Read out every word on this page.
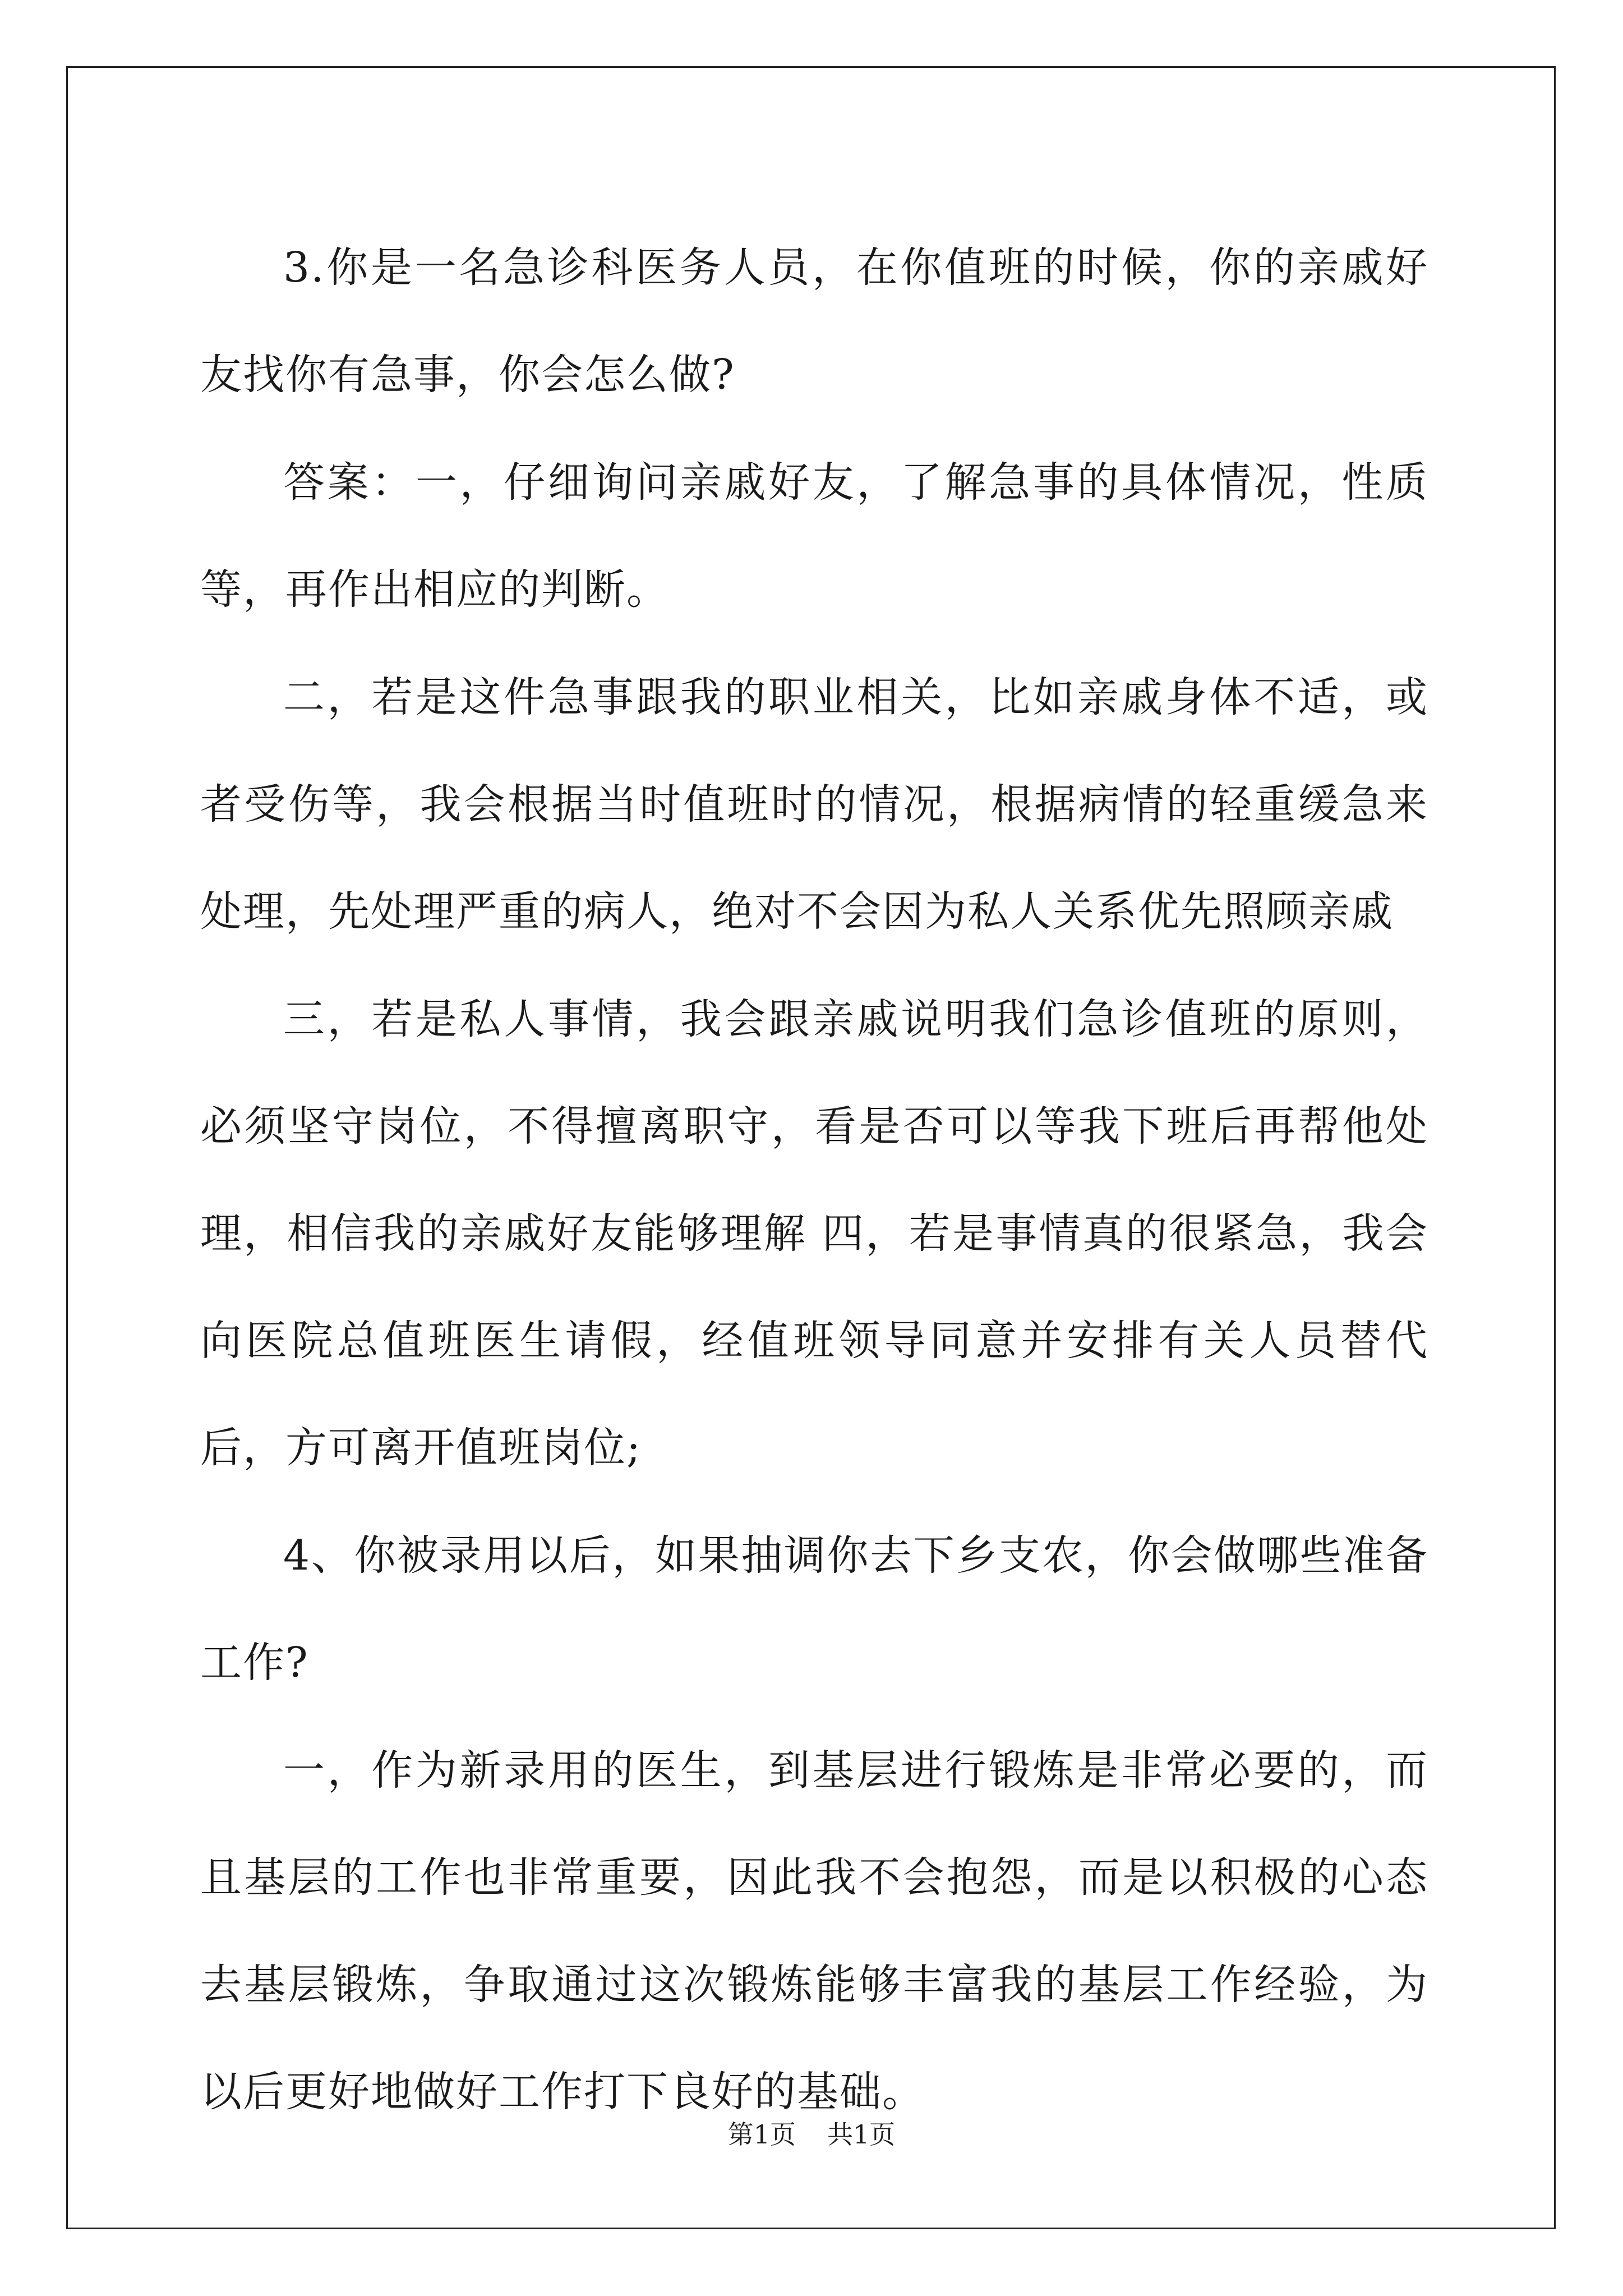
3.你是一名急诊科医务人员，在你值班的时候，你的亲戚好友找你有急事，你会怎么做?

答案：一，仔细询问亲戚好友，了解急事的具体情况，性质等，再作出相应的判断。

二，若是这件急事跟我的职业相关，比如亲戚身体不适，或者受伤等，我会根据当时值班时的情况，根据病情的轻重缓急来处理，先处理严重的病人，绝对不会因为私人关系优先照顾亲戚

三，若是私人事情，我会跟亲戚说明我们急诊值班的原则，必须坚守岗位，不得擅离职守，看是否可以等我下班后再帮他处理，相信我的亲戚好友能够理解 四，若是事情真的很紧急，我会向医院总值班医生请假，经值班领导同意并安排有关人员替代后，方可离开值班岗位;

4、你被录用以后，如果抽调你去下乡支农，你会做哪些准备工作?

一，作为新录用的医生，到基层进行锻炼是非常必要的，而且基层的工作也非常重要，因此我不会抱怨，而是以积极的心态去基层锻炼，争取通过这次锻炼能够丰富我的基层工作经验，为以后更好地做好工作打下良好的基础。

第1页 共1页
